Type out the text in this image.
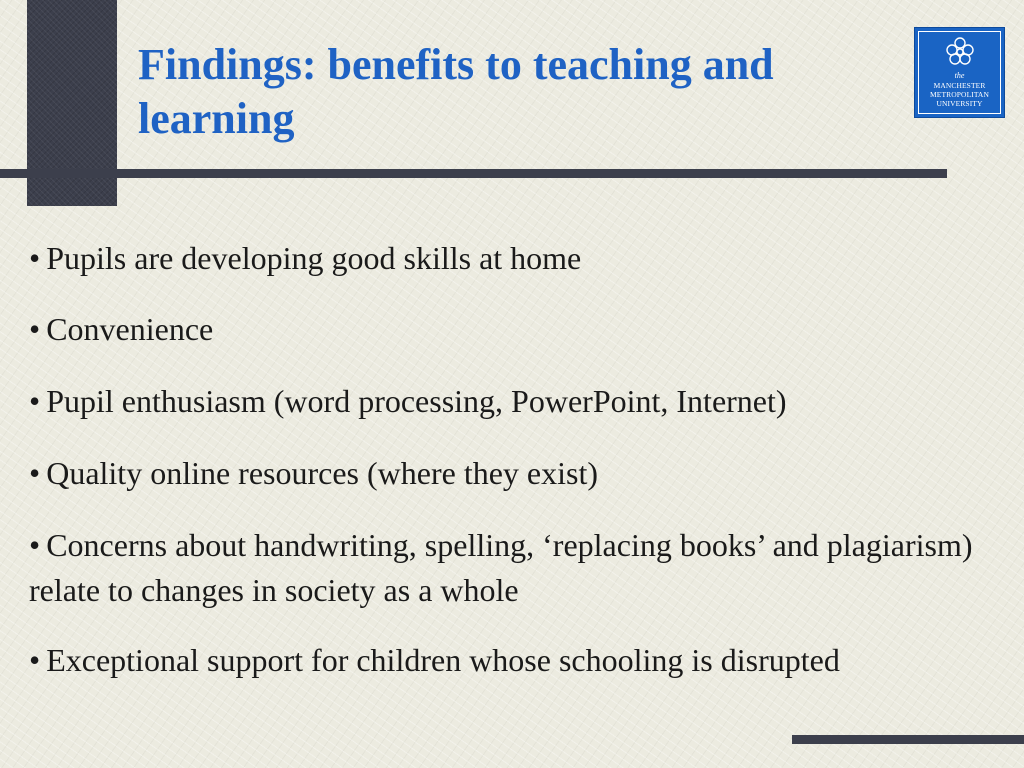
Findings: benefits to teaching and learning
the
MANCHESTER
METROPOLITAN
UNIVERSITY
• Pupils are developing good skills at home
• Convenience
• Pupil enthusiasm (word processing, PowerPoint, Internet)
• Quality online resources (where they exist)
• Concerns about handwriting, spelling, ‘replacing books’ and plagiarism) relate to changes in society as a whole
• Exceptional support for children whose schooling is disrupted
